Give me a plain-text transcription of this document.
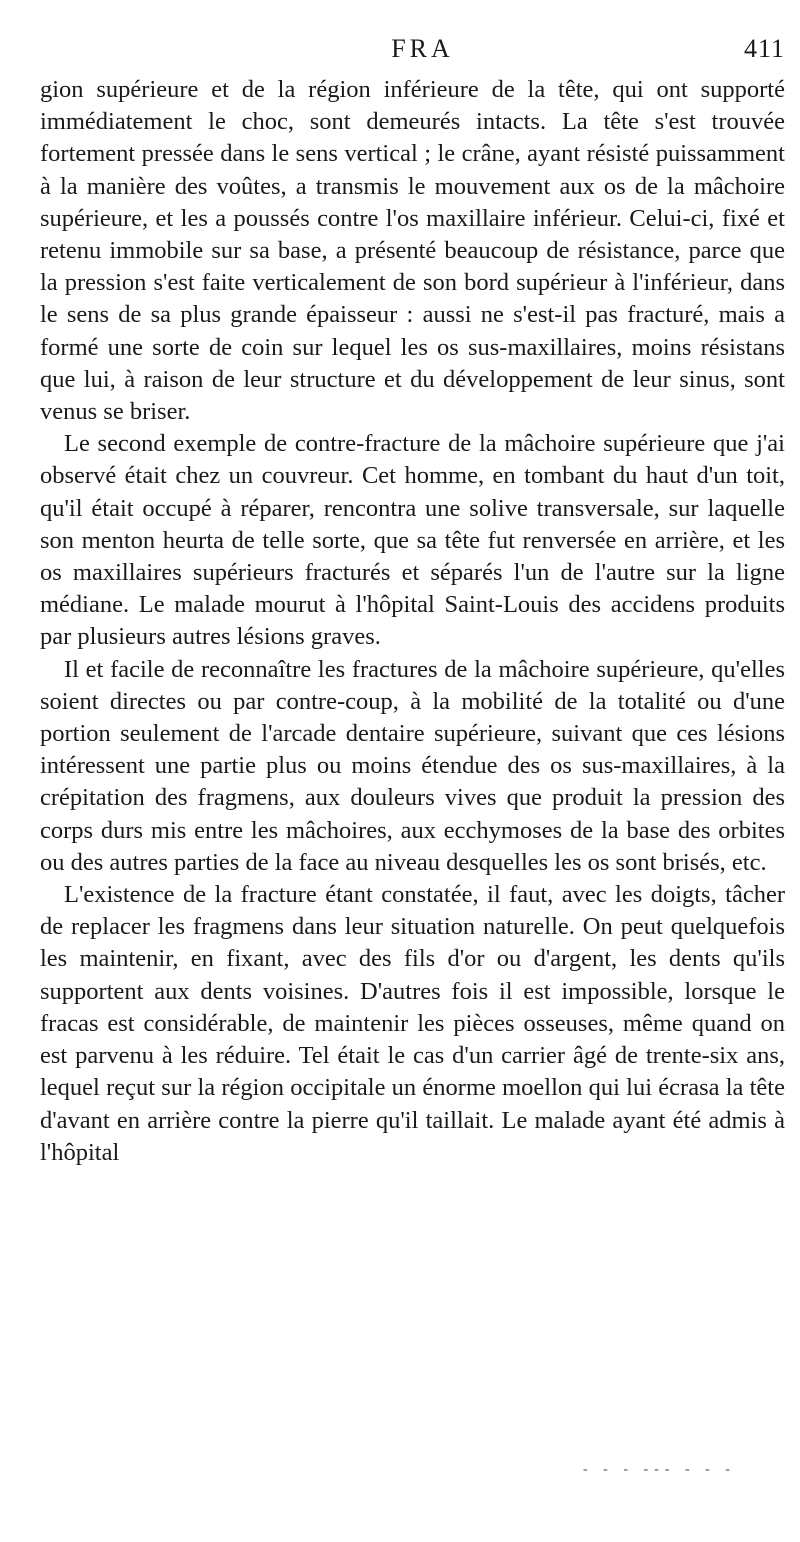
FRA	411

gion supérieure et de la région inférieure de la tête, qui ont supporté immédiatement le choc, sont demeurés intacts. La tête s'est trouvée fortement pressée dans le sens vertical ; le crâne, ayant résisté puissamment à la manière des voûtes, a transmis le mouvement aux os de la mâchoire supérieure, et les a poussés contre l'os maxillaire inférieur. Celui-ci, fixé et retenu immobile sur sa base, a présenté beaucoup de résistance, parce que la pression s'est faite verticalement de son bord supérieur à l'inférieur, dans le sens de sa plus grande épaisseur : aussi ne s'est-il pas fracturé, mais a formé une sorte de coin sur lequel les os sus-maxillaires, moins résistans que lui, à raison de leur structure et du développement de leur sinus, sont venus se briser.

Le second exemple de contre-fracture de la mâchoire supérieure que j'ai observé était chez un couvreur. Cet homme, en tombant du haut d'un toit, qu'il était occupé à réparer, rencontra une solive transversale, sur laquelle son menton heurta de telle sorte, que sa tête fut renversée en arrière, et les os maxillaires supérieurs fracturés et séparés l'un de l'autre sur la ligne médiane. Le malade mourut à l'hôpital Saint-Louis des accidens produits par plusieurs autres lésions graves.

Il et facile de reconnaître les fractures de la mâchoire supérieure, qu'elles soient directes ou par contre-coup, à la mobilité de la totalité ou d'une portion seulement de l'arcade dentaire supérieure, suivant que ces lésions intéressent une partie plus ou moins étendue des os sus-maxillaires, à la crépitation des fragmens, aux douleurs vives que produit la pression des corps durs mis entre les mâchoires, aux ecchymoses de la base des orbites ou des autres parties de la face au niveau desquelles les os sont brisés, etc.

L'existence de la fracture étant constatée, il faut, avec les doigts, tâcher de replacer les fragmens dans leur situation naturelle. On peut quelquefois les maintenir, en fixant, avec des fils d'or ou d'argent, les dents qu'ils supportent aux dents voisines. D'autres fois il est impossible, lorsque le fracas est considérable, de maintenir les pièces osseuses, même quand on est parvenu à les réduire. Tel était le cas d'un carrier âgé de trente-six ans, lequel reçut sur la région occipitale un énorme moellon qui lui écrasa la tête d'avant en arrière contre la pierre qu'il taillait. Le malade ayant été admis à l'hôpital

- - - --- - - -
